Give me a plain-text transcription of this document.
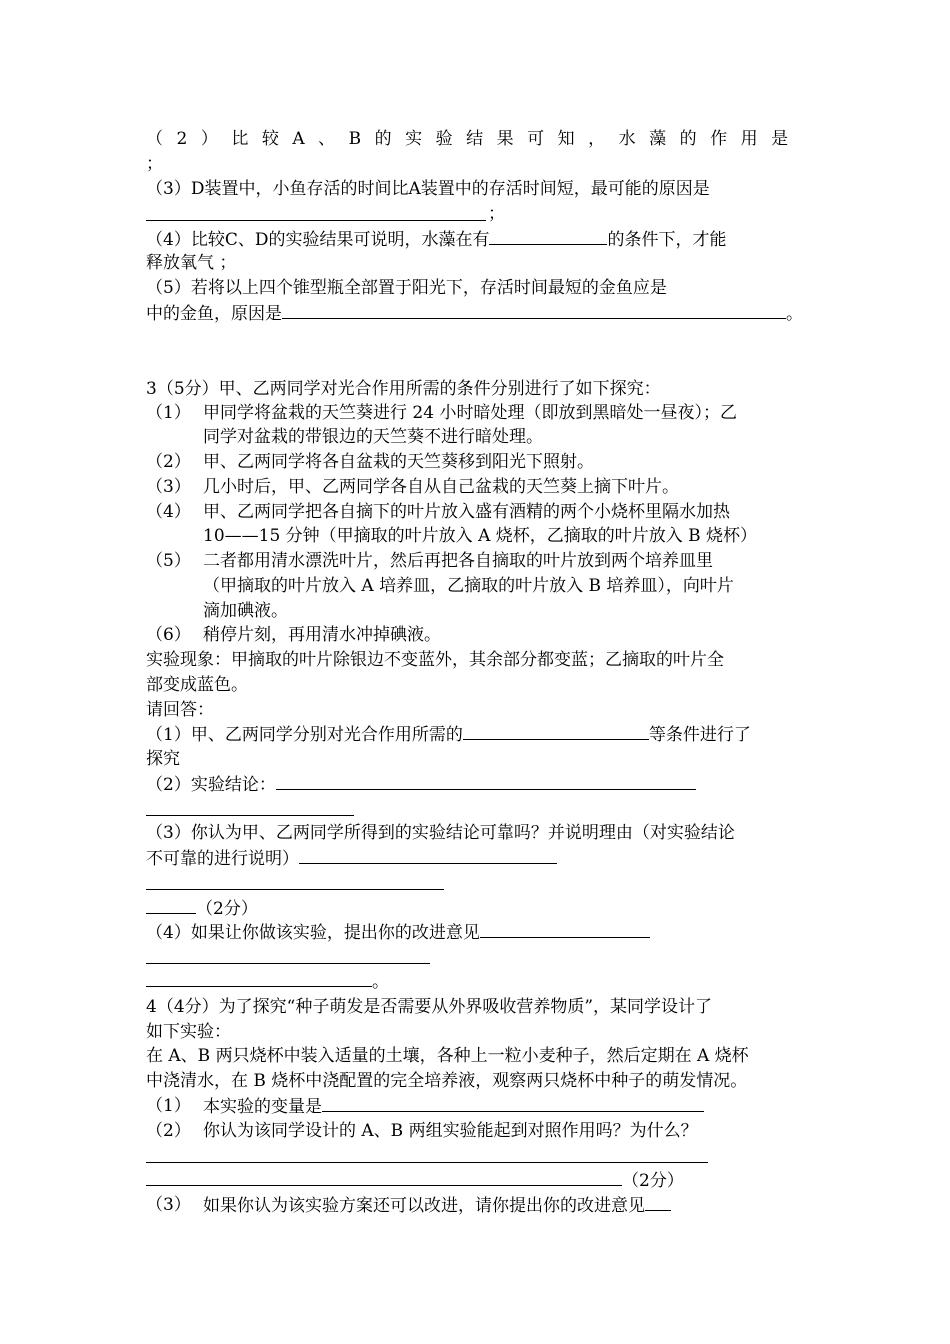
（2）比较A、B的实验结果可知，水藻的作用是
；
（3）D装置中，小鱼存活的时间比A装置中的存活时间短，最可能的原因是
；
（4）比较C、D的实验结果可说明，水藻在有	的条件下，才能
释放氧气 ；
（5）若将以上四个锥型瓶全部置于阳光下，存活时间最短的金鱼应是
中的金鱼，原因是	。
3（5分）甲、乙两同学对光合作用所需的条件分别进行了如下探究：
（1） 甲同学将盆栽的天竺葵进行 24 小时暗处理（即放到黑暗处一昼夜）；乙
同学对盆栽的带银边的天竺葵不进行暗处理。
（2） 甲、乙两同学将各自盆栽的天竺葵移到阳光下照射。
（3） 几小时后，甲、乙两同学各自从自己盆栽的天竺葵上摘下叶片。
（4） 甲、乙两同学把各自摘下的叶片放入盛有酒精的两个小烧杯里隔水加热
10——15 分钟（甲摘取的叶片放入 A 烧杯，乙摘取的叶片放入 B 烧杯）
（5） 二者都用清水漂洗叶片，然后再把各自摘取的叶片放到两个培养皿里
（甲摘取的叶片放入 A 培养皿，乙摘取的叶片放入 B 培养皿），向叶片
滴加碘液。
（6） 稍停片刻，再用清水冲掉碘液。
实验现象：甲摘取的叶片除银边不变蓝外，其余部分都变蓝；乙摘取的叶片全
部变成蓝色。
请回答：
（1）甲、乙两同学分别对光合作用所需的	等条件进行了
探究
（2）实验结论：
（3）你认为甲、乙两同学所得到的实验结论可靠吗？并说明理由（对实验结论
不可靠的进行说明）
（2分）
（4）如果让你做该实验，提出你的改进意见
。
4（4分）为了探究“种子萌发是否需要从外界吸收营养物质”，某同学设计了
如下实验：
在 A、B 两只烧杯中装入适量的土壤，各种上一粒小麦种子，然后定期在 A 烧杯
中浇清水，在 B 烧杯中浇配置的完全培养液，观察两只烧杯中种子的萌发情况。
（1） 本实验的变量是
（2） 你认为该同学设计的 A、B 两组实验能起到对照作用吗？为什么？
（2分）
（3） 如果你认为该实验方案还可以改进，请你提出你的改进意见
